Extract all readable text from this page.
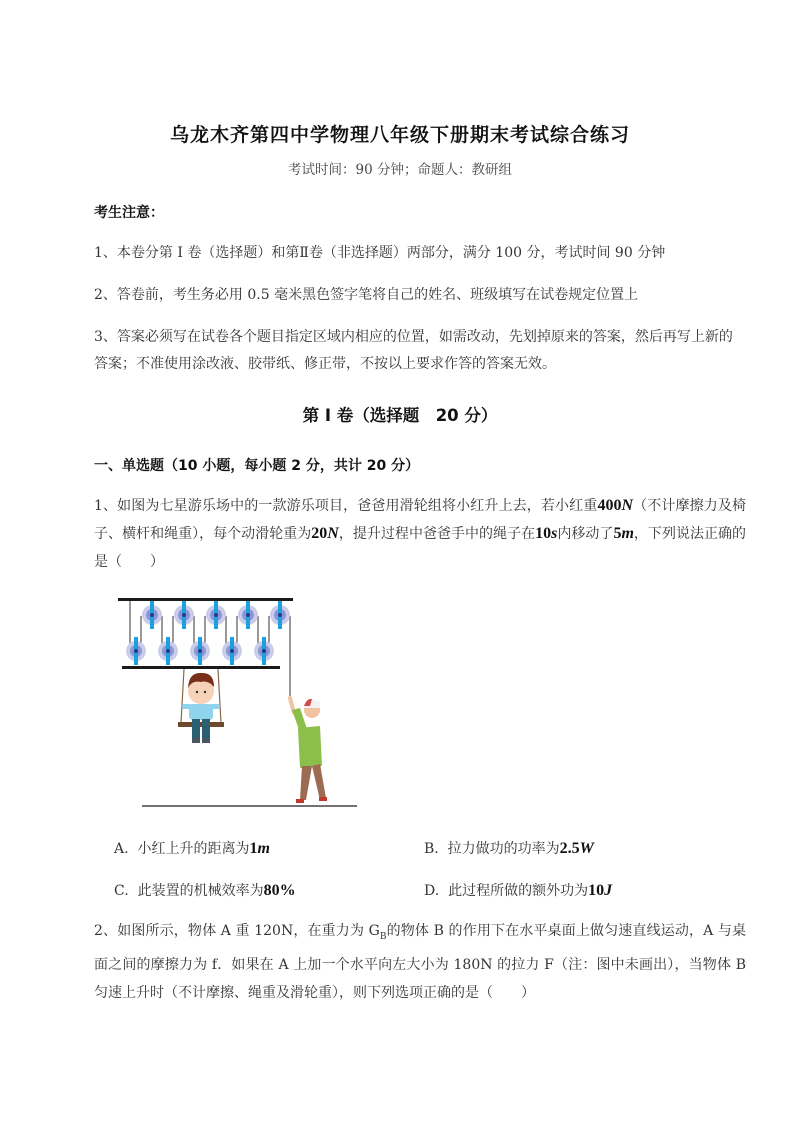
乌龙木齐第四中学物理八年级下册期末考试综合练习
考试时间：90 分钟；命题人：教研组
考生注意：
1、本卷分第 I 卷（选择题）和第Ⅱ卷（非选择题）两部分，满分 100 分，考试时间 90 分钟
2、答卷前，考生务必用 0.5 毫米黑色签字笔将自己的姓名、班级填写在试卷规定位置上
3、答案必须写在试卷各个题目指定区域内相应的位置，如需改动，先划掉原来的答案，然后再写上新的答案；不准使用涂改液、胶带纸、修正带，不按以上要求作答的答案无效。
第 I 卷（选择题　20 分）
一、单选题（10 小题，每小题 2 分，共计 20 分）
1、如图为七星游乐场中的一款游乐项目，爸爸用滑轮组将小红升上去，若小红重400N（不计摩擦力及椅子、横杆和绳重），每个动滑轮重为20N，提升过程中爸爸手中的绳子在10s内移动了5m，下列说法正确的是（　　）
A. 小红上升的距离为1m	B. 拉力做功的功率为2.5W
C. 此装置的机械效率为80%	D. 此过程所做的额外功为10J
2、如图所示，物体 A 重 120N，在重力为 $G_B$的物体 B 的作用下在水平桌面上做匀速直线运动，A 与桌面之间的摩擦力为 f．如果在 A 上加一个水平向左大小为 180N 的拉力 F（注：图中未画出），当物体 B 匀速上升时（不计摩擦、绳重及滑轮重），则下列选项正确的是（　　）
